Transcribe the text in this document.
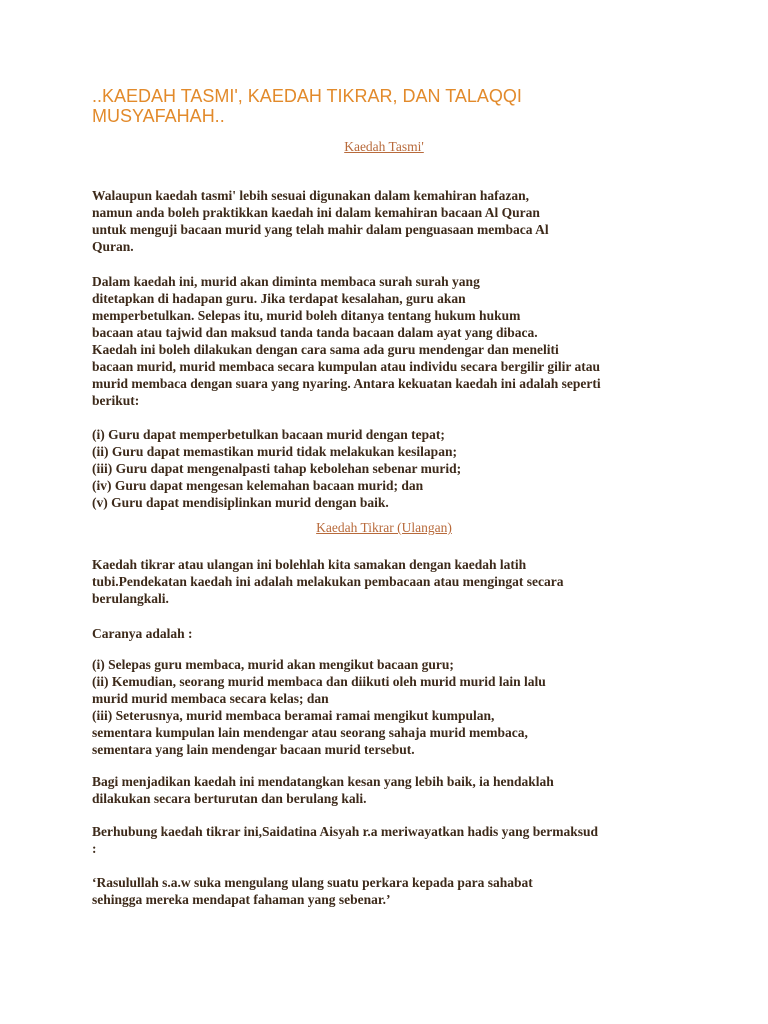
..KAEDAH TASMI', KAEDAH TIKRAR, DAN TALAQQI
MUSYAFAHAH..

Kaedah Tasmi'

Walaupun kaedah tasmi' lebih sesuai digunakan dalam kemahiran hafazan,
namun anda boleh praktikkan kaedah ini dalam kemahiran bacaan Al Quran
untuk menguji bacaan murid yang telah mahir dalam penguasaan membaca Al
Quran.

Dalam kaedah ini, murid akan diminta membaca surah surah yang
ditetapkan di hadapan guru. Jika terdapat kesalahan, guru akan
memperbetulkan. Selepas itu, murid boleh ditanya tentang hukum hukum
bacaan atau tajwid dan maksud tanda tanda bacaan dalam ayat yang dibaca.
Kaedah ini boleh dilakukan dengan cara sama ada guru mendengar dan meneliti
bacaan murid, murid membaca secara kumpulan atau individu secara bergilir gilir atau
murid membaca dengan suara yang nyaring. Antara kekuatan kaedah ini adalah seperti
berikut:

(i) Guru dapat memperbetulkan bacaan murid dengan tepat;
(ii) Guru dapat memastikan murid tidak melakukan kesilapan;
(iii) Guru dapat mengenalpasti tahap kebolehan sebenar murid;
(iv) Guru dapat mengesan kelemahan bacaan murid; dan
(v) Guru dapat mendisiplinkan murid dengan baik.

Kaedah Tikrar (Ulangan)

Kaedah tikrar atau ulangan ini bolehlah kita samakan dengan kaedah latih
tubi.Pendekatan kaedah ini adalah melakukan pembacaan atau mengingat secara
berulangkali.

Caranya adalah :

(i) Selepas guru membaca, murid akan mengikut bacaan guru;
(ii) Kemudian, seorang murid membaca dan diikuti oleh murid murid lain lalu
murid murid membaca secara kelas; dan
(iii) Seterusnya, murid membaca beramai ramai mengikut kumpulan,
sementara kumpulan lain mendengar atau seorang sahaja murid membaca,
sementara yang lain mendengar bacaan murid tersebut.

Bagi menjadikan kaedah ini mendatangkan kesan yang lebih baik, ia hendaklah
dilakukan secara berturutan dan berulang kali.

Berhubung kaedah tikrar ini,Saidatina Aisyah r.a meriwayatkan hadis yang bermaksud
:

‘Rasulullah s.a.w suka mengulang ulang suatu perkara kepada para sahabat
sehingga mereka mendapat fahaman yang sebenar.’
